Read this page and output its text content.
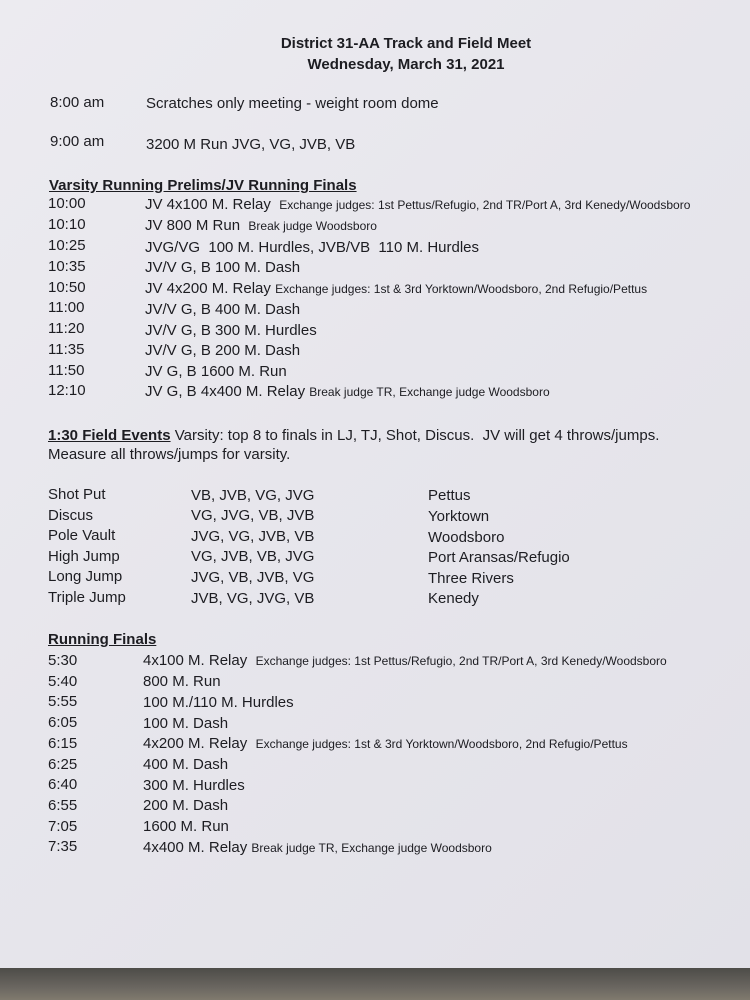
District 31-AA Track and Field Meet
Wednesday, March 31, 2021
8:00 am	Scratches only meeting - weight room dome
9:00 am	3200 M Run JVG, VG, JVB, VB
Varsity Running Prelims/JV Running Finals
10:00	JV 4x100 M. Relay Exchange judges: 1st Pettus/Refugio, 2nd TR/Port A, 3rd Kenedy/Woodsboro
10:10	JV 800 M Run Break judge Woodsboro
10:25	JVG/VG  100 M. Hurdles, JVB/VB  110 M. Hurdles
10:35	JV/V G, B 100 M. Dash
10:50	JV 4x200 M. Relay Exchange judges: 1st & 3rd Yorktown/Woodsboro, 2nd Refugio/Pettus
11:00	JV/V G, B 400 M. Dash
11:20	JV/V G, B 300 M. Hurdles
11:35	JV/V G, B 200 M. Dash
11:50	JV G, B 1600 M. Run
12:10	JV G, B 4x400 M. Relay Break judge TR, Exchange judge Woodsboro
1:30 Field Events Varsity: top 8 to finals in LJ, TJ, Shot, Discus.  JV will get 4 throws/jumps.
Measure all throws/jumps for varsity.
Shot Put	VB, JVB, VG, JVG	Pettus
Discus	VG, JVG, VB, JVB	Yorktown
Pole Vault	JVG, VG, JVB, VB	Woodsboro
High Jump	VG, JVB, VB, JVG	Port Aransas/Refugio
Long Jump	JVG, VB, JVB, VG	Three Rivers
Triple Jump	JVB, VG, JVG, VB	Kenedy
Running Finals
5:30	4x100 M. Relay Exchange judges: 1st Pettus/Refugio, 2nd TR/Port A, 3rd Kenedy/Woodsboro
5:40	800 M. Run
5:55	100 M./110 M. Hurdles
6:05	100 M. Dash
6:15	4x200 M. Relay Exchange judges: 1st & 3rd Yorktown/Woodsboro, 2nd Refugio/Pettus
6:25	400 M. Dash
6:40	300 M. Hurdles
6:55	200 M. Dash
7:05	1600 M. Run
7:35	4x400 M. Relay Break judge TR, Exchange judge Woodsboro
